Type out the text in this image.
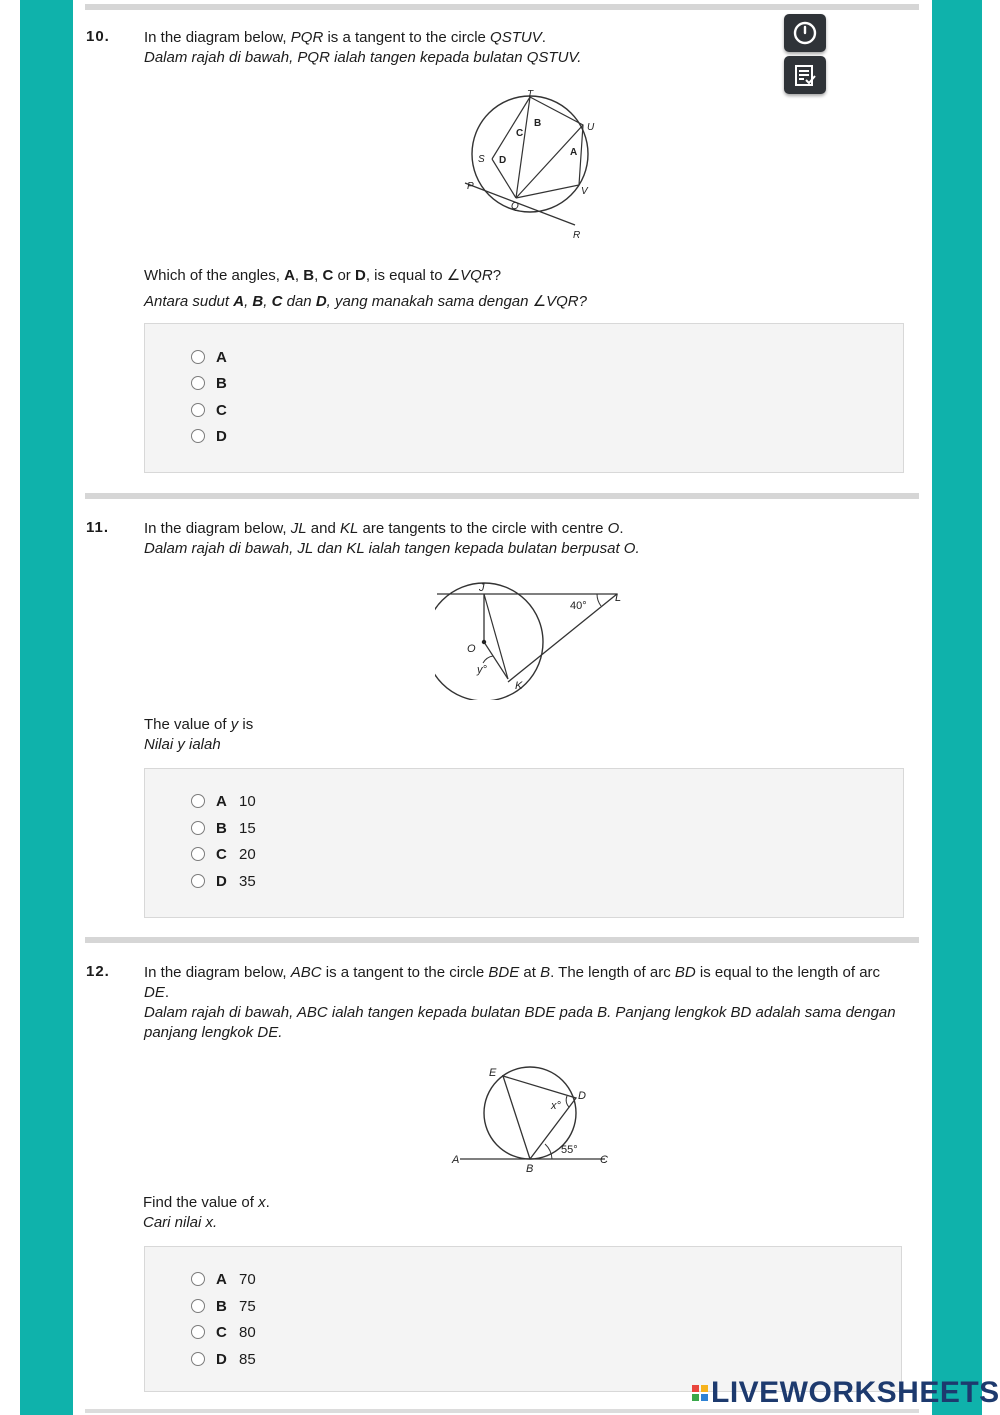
10. In the diagram below, PQR is a tangent to the circle QSTUV.
Dalam rajah di bawah, PQR ialah tangen kepada bulatan QSTUV.
T
U
S
P
Q
V
R
A
B
C
D
Which of the angles, A, B, C or D, is equal to ∠VQR?
Antara sudut A, B, C dan D, yang manakah sama dengan ∠VQR?
A
B
C
D
11. In the diagram below, JL and KL are tangents to the circle with centre O.
Dalam rajah di bawah, JL dan KL ialah tangen kepada bulatan berpusat O.
J
L
O
K
40°
y°
The value of y is
Nilai y ialah
A 10
B 15
C 20
D 35
12. In the diagram below, ABC is a tangent to the circle BDE at B. The length of arc BD is equal to the length of arc DE.
Dalam rajah di bawah, ABC ialah tangen kepada bulatan BDE pada B. Panjang lengkok BD adalah sama dengan panjang lengkok DE.
E
D
A
B
C
x°
55°
Find the value of x.
Cari nilai x.
A 70
B 75
C 80
D 85
LIVEWORKSHEETS
